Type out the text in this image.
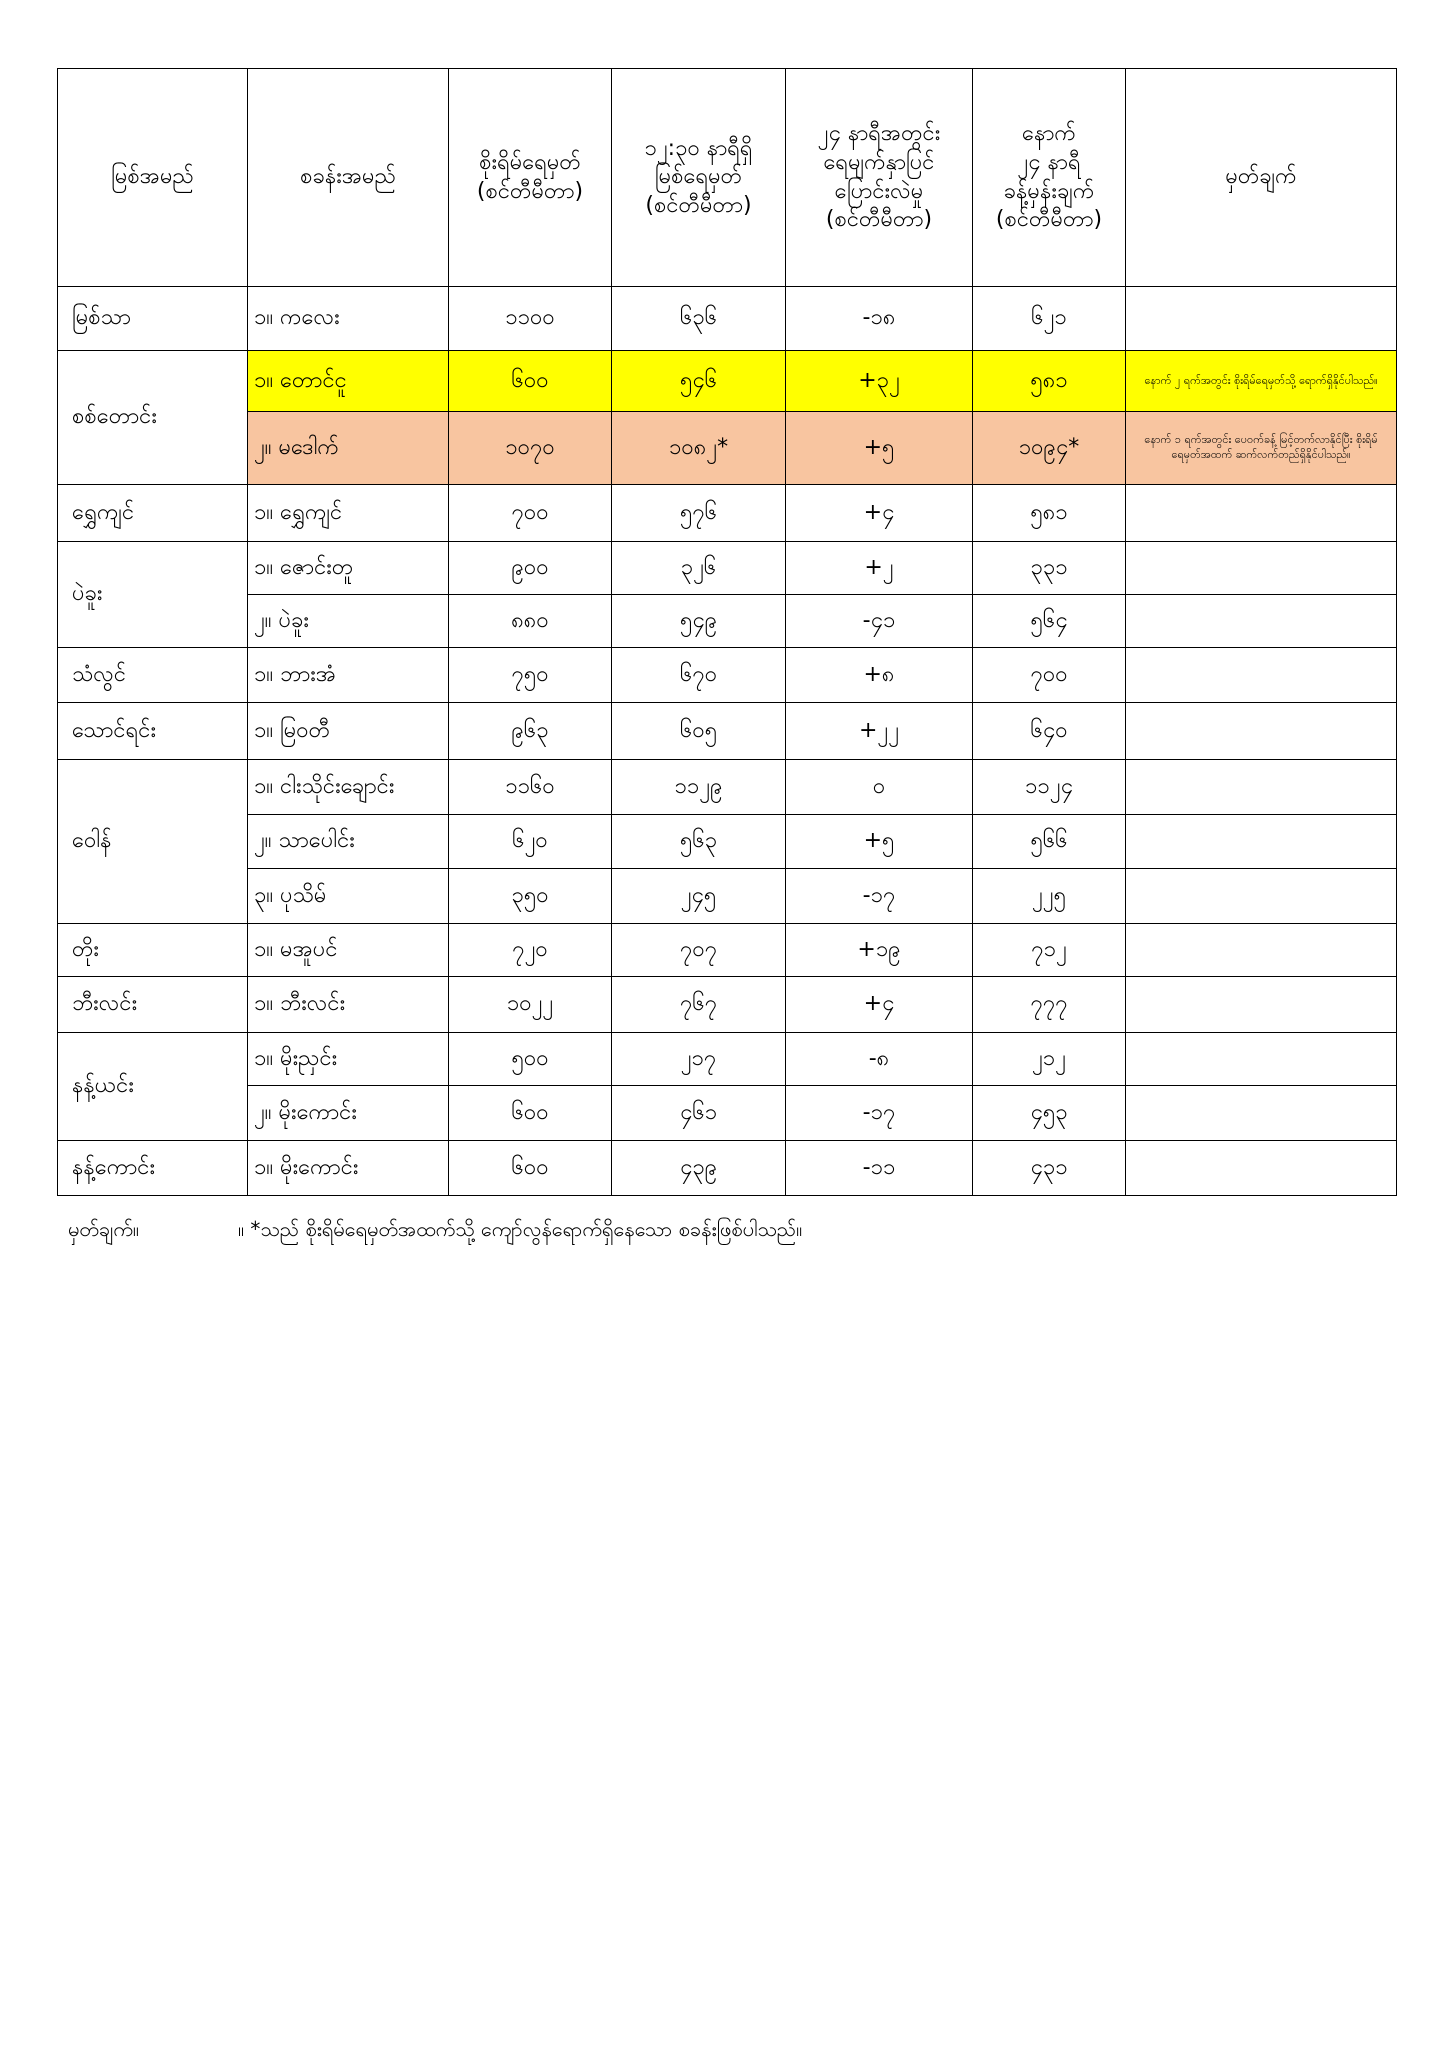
မြစ်အမည်	စခန်းအမည်	စိုးရိမ်ရေမှတ်
(စင်တီမီတာ)	၁၂:၃၀ နာရီရှိ
မြစ်ရေမှတ်
(စင်တီမီတာ)	၂၄ နာရီအတွင်း
ရေမျက်နှာပြင်
ပြောင်းလဲမှု
(စင်တီမီတာ)	နောက်
၂၄ နာရီ
ခန့်မှန်းချက်
(စင်တီမီတာ)	မှတ်ချက်
မြစ်သာ	၁။ ကလေး	၁၁၀၀	၆၃၆	-၁၈	၆၂၁	
စစ်တောင်း	၁။ တောင်ငူ	၆၀၀	၅၄၆	+၃၂	၅၈၁	နောက် ၂ ရက်အတွင်း စိုးရိမ်ရေမှတ်သို့ ရောက်ရှိနိုင်ပါသည်။
	၂။ မဒေါက်	၁၀၇၀	၁၀၈၂*	+၅	၁၀၉၄*	နောက် ၁ ရက်အတွင်း ပေ၀က်ခန့် မြင့်တက်လာနိုင်ပြီး စိုးရိမ်ရေမှတ်အထက် ဆက်လက်တည်ရှိနိုင်ပါသည်။
ရွှေကျင်	၁။ ရွှေကျင်	၇၀၀	၅၇၆	+၄	၅၈၁	
ပဲခူး	၁။ ဇောင်းတူ	၉၀၀	၃၂၆	+၂	၃၃၁	
	၂။ ပဲခူး	၈၈၀	၅၄၉	-၄၁	၅၆၄	
သံလွင်	၁။ ဘားအံ	၇၅၀	၆၇၀	+၈	၇၀၀	
သောင်ရင်း	၁။ မြဝတီ	၉၆၃	၆၀၅	+၂၂	၆၄၀	
ဝေါန်	၁။ ငါးသိုင်းချောင်း	၁၁၆၀	၁၁၂၉	၀	၁၁၂၄	
	၂။ သာပေါင်း	၆၂၀	၅၆၃	+၅	၅၆၆	
	၃။ ပုသိမ်	၃၅၀	၂၄၅	-၁၇	၂၂၅	
တိုး	၁။ မအူပင်	၇၂၀	၇၀၇	+၁၉	၇၁၂	
ဘီးလင်း	၁။ ဘီးလင်း	၁၀၂၂	၇၆၇	+၄	၇၇၇	
နန့်ယင်း	၁။ မိုးညှင်း	၅၀၀	၂၁၇	-၈	၂၁၂	
	၂။ မိုးကောင်း	၆၀၀	၄၆၁	-၁၇	၄၅၃	
နန့်ကောင်း	၁။ မိုးကောင်း	၆၀၀	၄၃၉	-၁၁	၄၃၁	
မှတ်ချက်။	။ *သည် စိုးရိမ်ရေမှတ်အထက်သို့ ကျော်လွန်ရောက်ရှိနေသော စခန်းဖြစ်ပါသည်။
